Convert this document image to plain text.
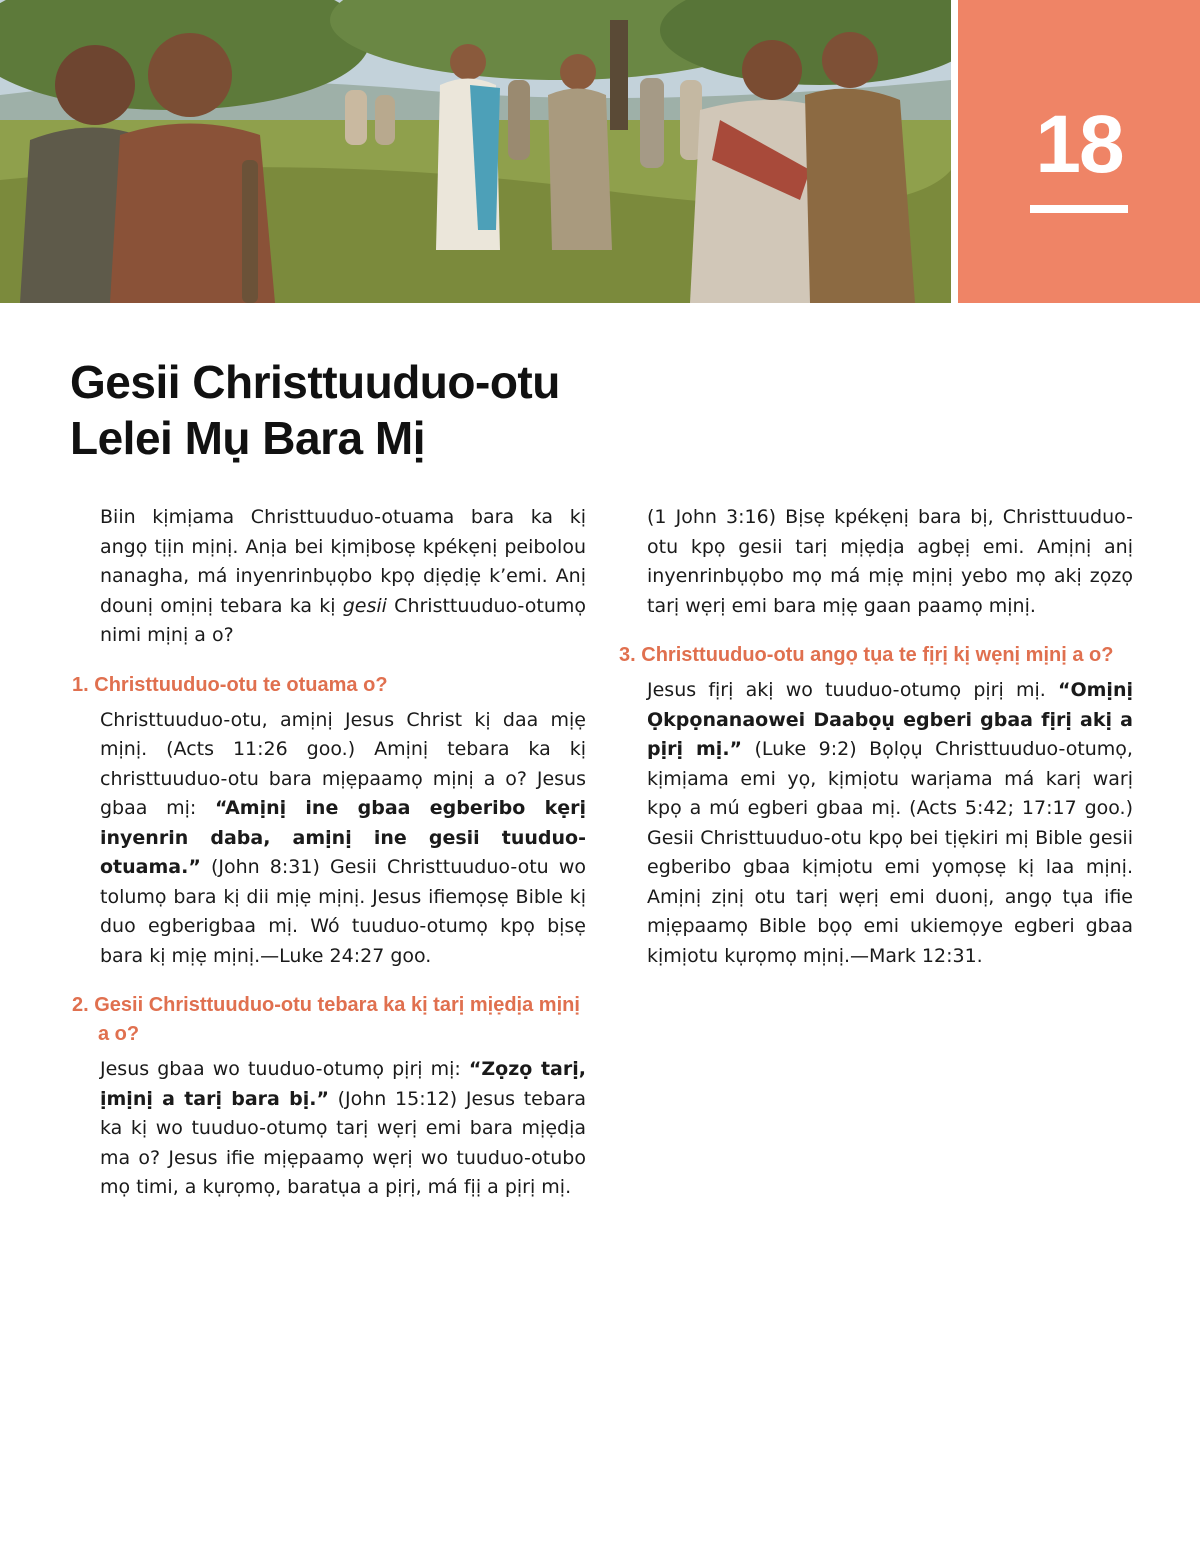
18
Gesii Christtuuduo-otu
Lelei Mụ Bara Mị

Biin kịmịama Christtuuduo-otuama bara ka kị angọ tịịn mịnị. Anịa bei kịmịbosẹ kpékẹnị peibolou nanagha, má inyenrinbụọbo kpọ dịẹdịẹ k’emi. Anị dounị omịnị tebara ka kị gesii Christtuuduo-otumọ nimi mịnị a o?

1. Christtuuduo-otu te otuama o?

Christtuuduo-otu, amịnị Jesus Christ kị daa mịẹ mịnị. (Acts 11:26 goo.) Amịnị tebara ka kị christtuuduo-otu bara mịẹpaamọ mịnị a o? Jesus gbaa mị: “Amịnị ine gbaa egberibo kẹrị inyenrin daba, amịnị ine gesii tuuduo-otuama.” (John 8:31) Gesii Christtuuduo-otu wo tolumọ bara kị dii mịẹ mịnị. Jesus ifiemọsẹ Bible kị duo egberigbaa mị. Wó tuuduo-otumọ kpọ bịsẹ bara kị mịẹ mịnị.—Luke 24:27 goo.

2. Gesii Christtuuduo-otu tebara ka kị tarị mịẹdịa mịnị a o?

Jesus gbaa wo tuuduo-otumọ pịrị mị: “Zọzọ tarị, ịmịnị a tarị bara bị.” (John 15:12) Jesus tebara ka kị wo tuuduo-otumọ tarị wẹrị emi bara mịẹdịa ma o? Jesus ifie mịẹpaamọ wẹrị wo tuuduo-otubo mọ timi, a kụrọmọ, baratụa a pịrị, má fịị a pịrị mị.

(1 John 3:16) Bịsẹ kpékẹnị bara bị, Christtuuduo-otu kpọ gesii tarị mịẹdịa agbẹị emi. Amịnị anị inyenrinbụọbo mọ má mịẹ mịnị yebo mọ akị zọzọ tarị wẹrị emi bara mịẹ gaan paamọ mịnị.

3. Christtuuduo-otu angọ tụa te fịrị kị wẹnị mịnị a o?

Jesus fịrị akị wo tuuduo-otumọ pịrị mị. “Omịnị Ọkpọnanaowei Daabọụ egberi gbaa fịrị akị a pịrị mị.” (Luke 9:2) Bọlọụ Christtuuduo-otumọ, kịmịama emi yọ, kịmịotu warịama má karị warị kpọ a mú egberi gbaa mị. (Acts 5:42; 17:17 goo.) Gesii Christtuuduo-otu kpọ bei tịẹkiri mị Bible gesii egberibo gbaa kịmịotu emi yọmọsẹ kị laa mịnị. Amịnị zịnị otu tarị wẹrị emi duonị, angọ tụa ifie mịẹpaamọ Bible bọọ emi ukiemọye egberi gbaa kịmịotu kụrọmọ mịnị.—Mark 12:31.
